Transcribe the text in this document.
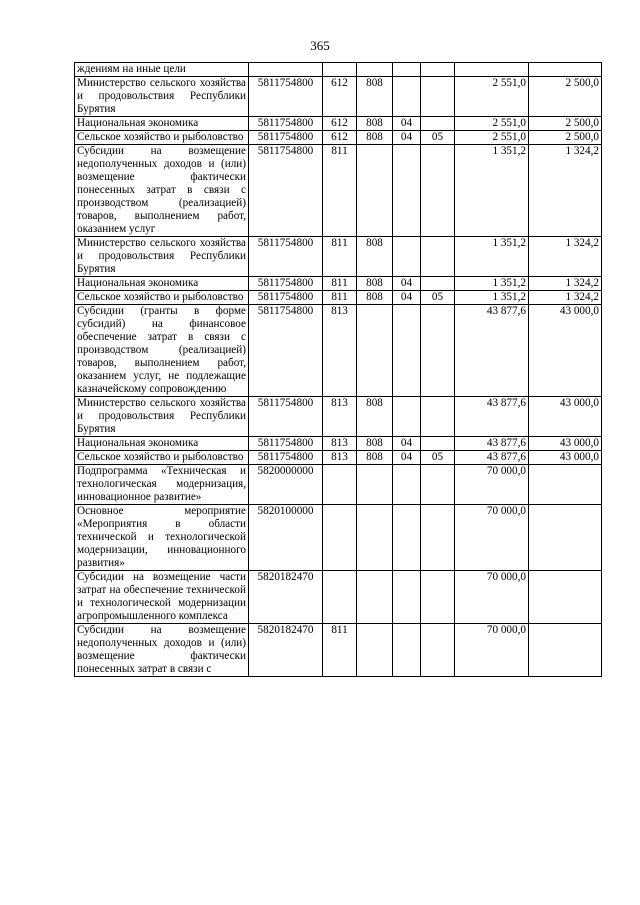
365
ждениям на иные цели							
Министерство сельского хозяйства и продовольствия Республики Бурятия	5811754800	612	808			2 551,0	2 500,0
Национальная экономика	5811754800	612	808	04		2 551,0	2 500,0
Сельское хозяйство и рыболовство	5811754800	612	808	04	05	2 551,0	2 500,0
Субсидии на возмещение недополученных доходов и (или) возмещение фактически понесенных затрат в связи с производством (реализацией) товаров, выполнением работ, оказанием услуг	5811754800	811				1 351,2	1 324,2
Министерство сельского хозяйства и продовольствия Республики Бурятия	5811754800	811	808			1 351,2	1 324,2
Национальная экономика	5811754800	811	808	04		1 351,2	1 324,2
Сельское хозяйство и рыболовство	5811754800	811	808	04	05	1 351,2	1 324,2
Субсидии (гранты в форме субсидий) на финансовое обеспечение затрат в связи с производством (реализацией) товаров, выполнением работ, оказанием услуг, не подлежащие казначейскому сопровождению	5811754800	813				43 877,6	43 000,0
Министерство сельского хозяйства и продовольствия Республики Бурятия	5811754800	813	808			43 877,6	43 000,0
Национальная экономика	5811754800	813	808	04		43 877,6	43 000,0
Сельское хозяйство и рыболовство	5811754800	813	808	04	05	43 877,6	43 000,0
Подпрограмма «Техническая и технологическая модернизация, инновационное развитие»	5820000000					70 000,0	
Основное мероприятие «Мероприятия в области технической и технологической модернизации, инновационного развития»	5820100000					70 000,0	
Субсидии на возмещение части затрат на обеспечение технической и технологической модернизации агропромышленного комплекса	5820182470					70 000,0	
Субсидии на возмещение недополученных доходов и (или) возмещение фактически понесенных затрат в связи с	5820182470	811				70 000,0	
